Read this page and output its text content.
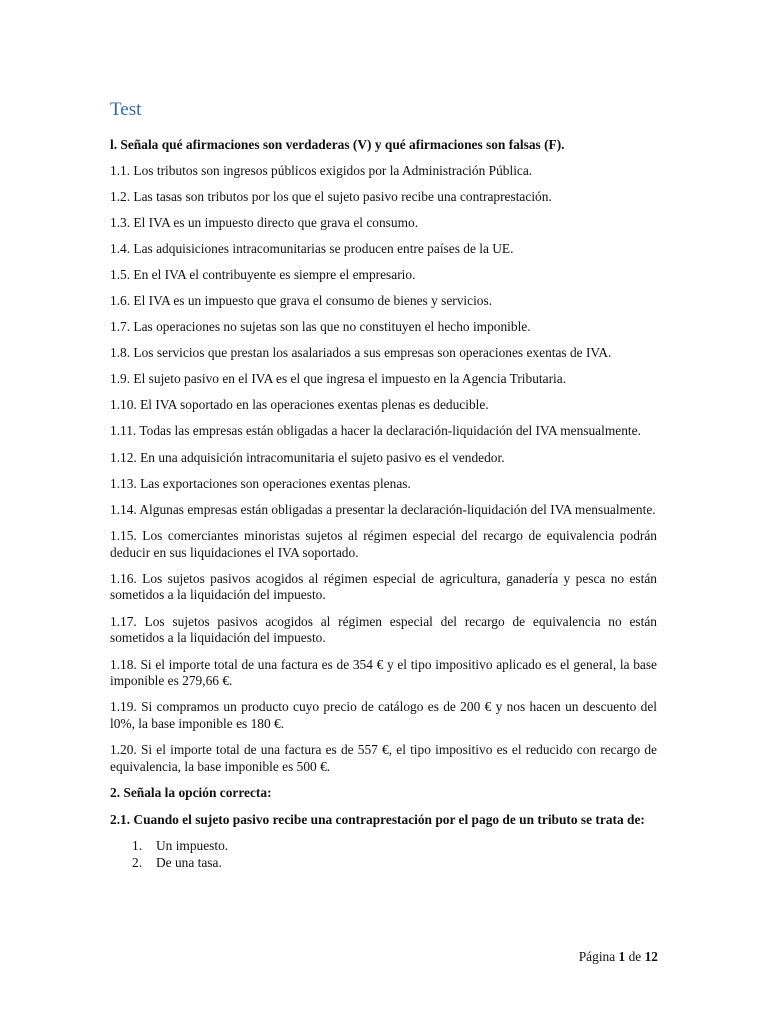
Test

l. Señala qué afirmaciones son verdaderas (V) y qué afirmaciones son falsas (F).

1.1. Los tributos son ingresos públicos exigidos por la Administración Pública.

1.2. Las tasas son tributos por los que el sujeto pasivo recibe una contraprestación.

1.3. El IVA es un impuesto directo que grava el consumo.

1.4. Las adquisiciones intracomunitarias se producen entre países de la UE.

1.5. En el IVA el contribuyente es siempre el empresario.

1.6. El IVA es un impuesto que grava el consumo de bienes y servicios.

1.7. Las operaciones no sujetas son las que no constituyen el hecho imponible.

1.8. Los servicios que prestan los asalariados a sus empresas son operaciones exentas de IVA.

1.9. El sujeto pasivo en el IVA es el que ingresa el impuesto en la Agencia Tributaria.

1.10. El IVA soportado en las operaciones exentas plenas es deducible.

1.11. Todas las empresas están obligadas a hacer la declaración-liquidación del IVA mensualmente.

1.12. En una adquisición intracomunitaria el sujeto pasivo es el vendedor.

1.13. Las exportaciones son operaciones exentas plenas.

1.14. Algunas empresas están obligadas a presentar la declaración-liquidación del IVA mensualmente.

1.15. Los comerciantes minoristas sujetos al régimen especial del recargo de equivalencia podrán deducir en sus liquidaciones el IVA soportado.

1.16. Los sujetos pasivos acogidos al régimen especial de agricultura, ganadería y pesca no están sometidos a la liquidación del impuesto.

1.17. Los sujetos pasivos acogidos al régimen especial del recargo de equivalencia no están sometidos a la liquidación del impuesto.

1.18. Si el importe total de una factura es de 354 € y el tipo impositivo aplicado es el general, la base imponible es 279,66 €.

1.19. Si compramos un producto cuyo precio de catálogo es de 200 € y nos hacen un descuento del l0%, la base imponible es 180 €.

1.20. Si el importe total de una factura es de 557 €, el tipo impositivo es el reducido con recargo de equivalencia, la base imponible es 500 €.

2. Señala la opción correcta:

2.1. Cuando el sujeto pasivo recibe una contraprestación por el pago de un tributo se trata de:

1.	Un impuesto.
2.	De una tasa.
Página 1 de 12
